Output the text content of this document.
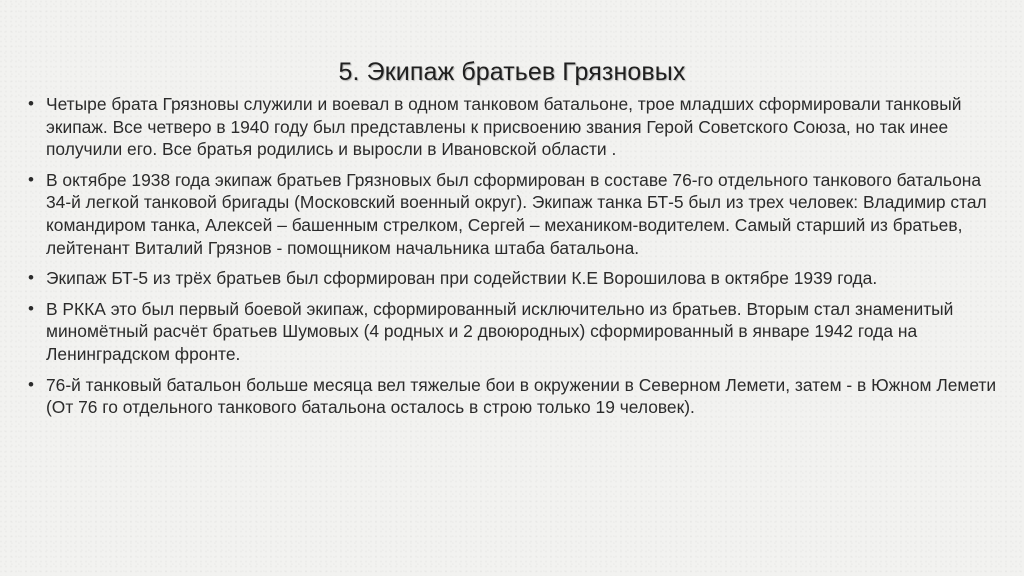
5. Экипаж братьев Грязновых
• Четыре брата Грязновы служили и воевал в одном танковом батальоне, трое младших сформировали танковый экипаж. Все четверо в 1940 году был представлены к присвоению звания Герой Советского Союза, но так инее получили его. Все братья родились и выросли в Ивановской области .
• В октябре 1938 года экипаж братьев Грязновых был сформирован в составе 76-го отдельного танкового батальона 34-й легкой танковой бригады (Московский военный округ). Экипаж танка БТ-5 был из трех человек: Владимир стал командиром танка, Алексей – башенным стрелком, Сергей – механиком-водителем. Самый старший из братьев, лейтенант Виталий Грязнов - помощником начальника штаба батальона.
• Экипаж БТ-5 из трёх братьев был сформирован при содействии К.Е Ворошилова в октябре 1939 года.
• В РККА это был первый боевой экипаж, сформированный исключительно из братьев. Вторым стал знаменитый миномётный расчёт братьев Шумовых (4 родных и 2 двоюродных) сформированный в январе 1942 года на Ленинградском фронте.
• 76-й танковый батальон больше месяца вел тяжелые бои в окружении в Северном Лемети, затем - в Южном Лемети (От 76 го отдельного танкового батальона осталось в строю только 19 человек).
